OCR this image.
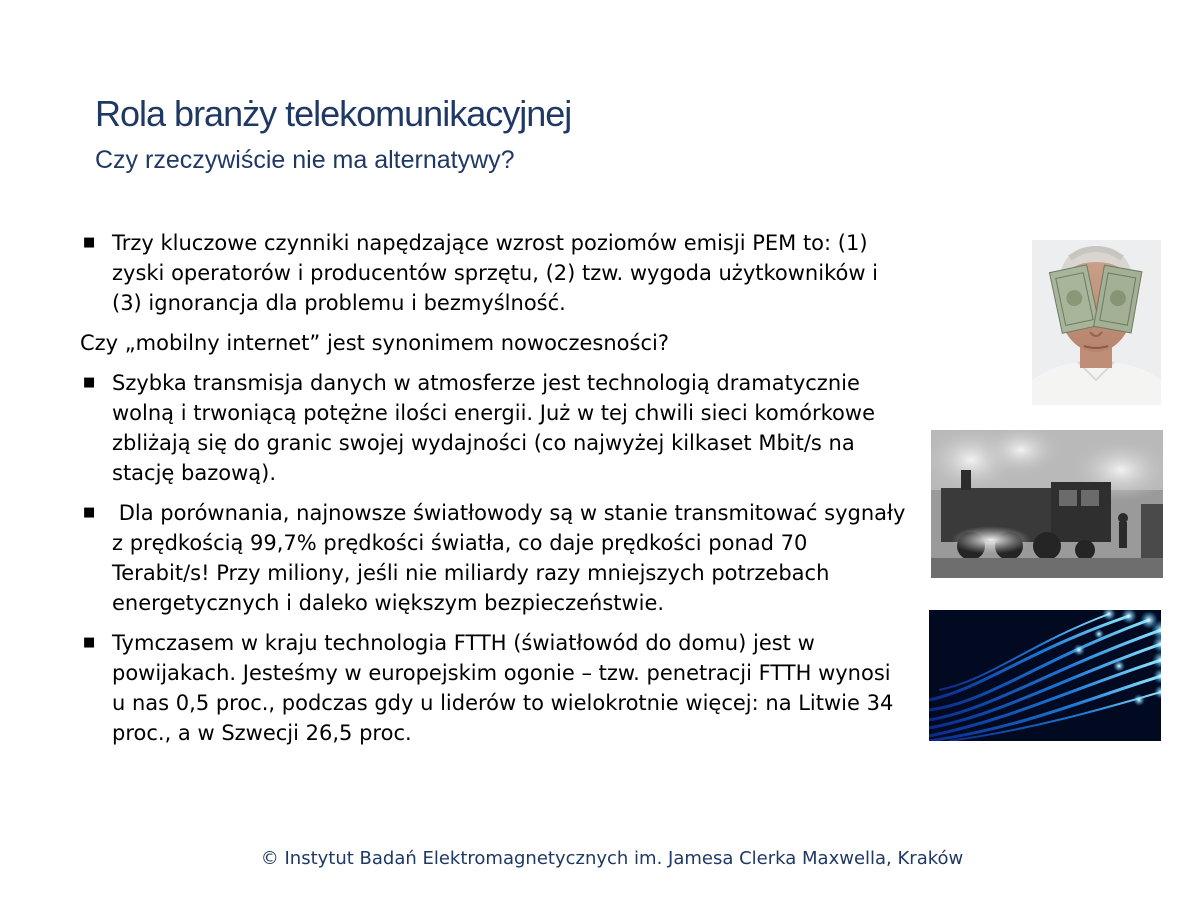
Rola branży telekomunikacyjnej
Czy rzeczywiście nie ma alternatywy?
■ Trzy kluczowe czynniki napędzające wzrost poziomów emisji PEM to: (1) zyski operatorów i producentów sprzętu, (2) tzw. wygoda użytkowników i (3) ignorancja dla problemu i bezmyślność.
Czy „mobilny internet” jest synonimem nowoczesności?
■ Szybka transmisja danych w atmosferze jest technologią dramatycznie wolną i trwoniącą potężne ilości energii. Już w tej chwili sieci komórkowe zbliżają się do granic swojej wydajności (co najwyżej kilkaset Mbit/s na stację bazową).
■ Dla porównania, najnowsze światłowody są w stanie transmitować sygnały z prędkością 99,7% prędkości światła, co daje prędkości ponad 70 Terabit/s! Przy miliony, jeśli nie miliardy razy mniejszych potrzebach energetycznych i daleko większym bezpieczeństwie.
■ Tymczasem w kraju technologia FTTH (światłowód do domu) jest w powijakach. Jesteśmy w europejskim ogonie – tzw. penetracji FTTH wynosi u nas 0,5 proc., podczas gdy u liderów to wielokrotnie więcej: na Litwie 34 proc., a w Szwecji 26,5 proc.
© Instytut Badań Elektromagnetycznych im. Jamesa Clerka Maxwella, Kraków
